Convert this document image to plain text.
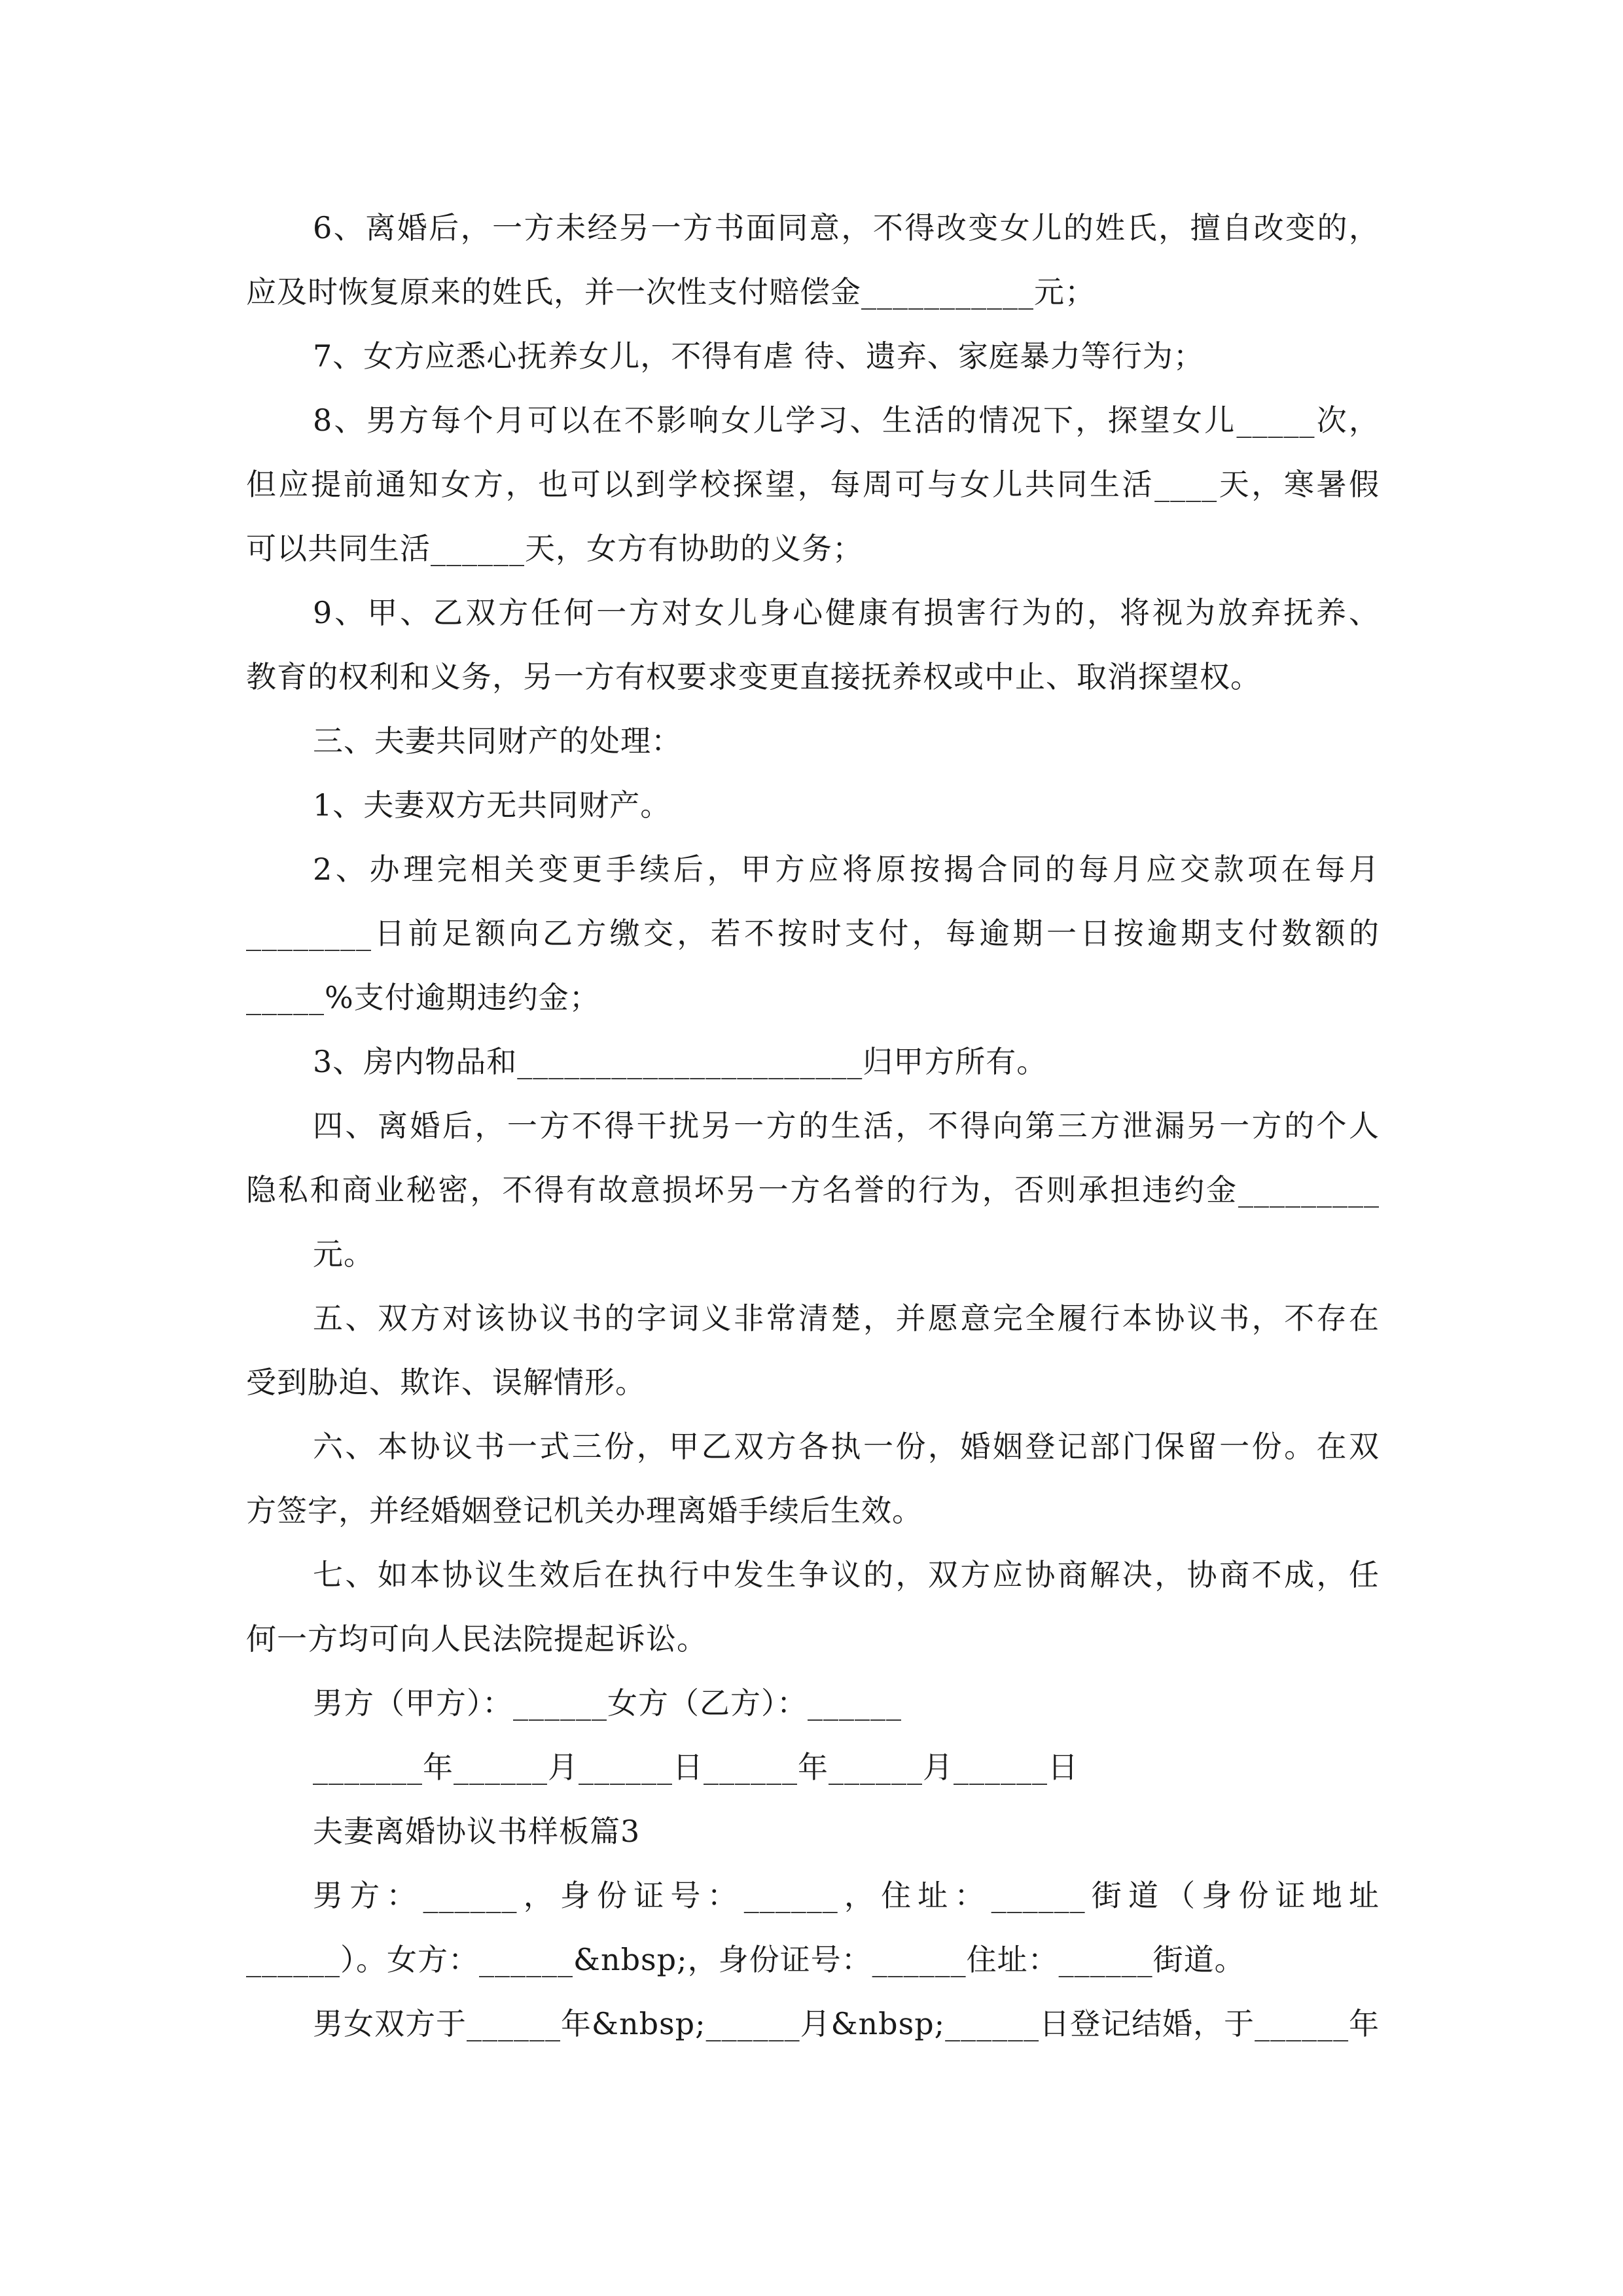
6、离婚后，一方未经另一方书面同意，不得改变女儿的姓氏，擅自改变的，
应及时恢复原来的姓氏，并一次性支付赔偿金___________元；
7、女方应悉心抚养女儿，不得有虐 待、遗弃、家庭暴力等行为；
8、男方每个月可以在不影响女儿学习、生活的情况下，探望女儿_____次，
但应提前通知女方，也可以到学校探望，每周可与女儿共同生活____天，寒暑假
可以共同生活______天，女方有协助的义务；
9、甲、乙双方任何一方对女儿身心健康有损害行为的，将视为放弃抚养、
教育的权利和义务，另一方有权要求变更直接抚养权或中止、取消探望权。
三、夫妻共同财产的处理：
1、夫妻双方无共同财产。
2、办理完相关变更手续后，甲方应将原按揭合同的每月应交款项在每月
________日前足额向乙方缴交，若不按时支付，每逾期一日按逾期支付数额的
_____%支付逾期违约金；
3、房内物品和______________________归甲方所有。
四、离婚后，一方不得干扰另一方的生活，不得向第三方泄漏另一方的个人
隐私和商业秘密，不得有故意损坏另一方名誉的行为，否则承担违约金_________
元。
五、双方对该协议书的字词义非常清楚，并愿意完全履行本协议书，不存在
受到胁迫、欺诈、误解情形。
六、本协议书一式三份，甲乙双方各执一份，婚姻登记部门保留一份。在双
方签字，并经婚姻登记机关办理离婚手续后生效。
七、如本协议生效后在执行中发生争议的，双方应协商解决，协商不成，任
何一方均可向人民法院提起诉讼。
男方（甲方）：______女方（乙方）：______
_______年______月______日______年______月______日
夫妻离婚协议书样板篇3
男方：______，身份证号：______，住址：______街道（身份证地址
______）。女方：______&nbsp;，身份证号：______住址：______街道。
男女双方于______年&nbsp;______月&nbsp;______日登记结婚，于______年
